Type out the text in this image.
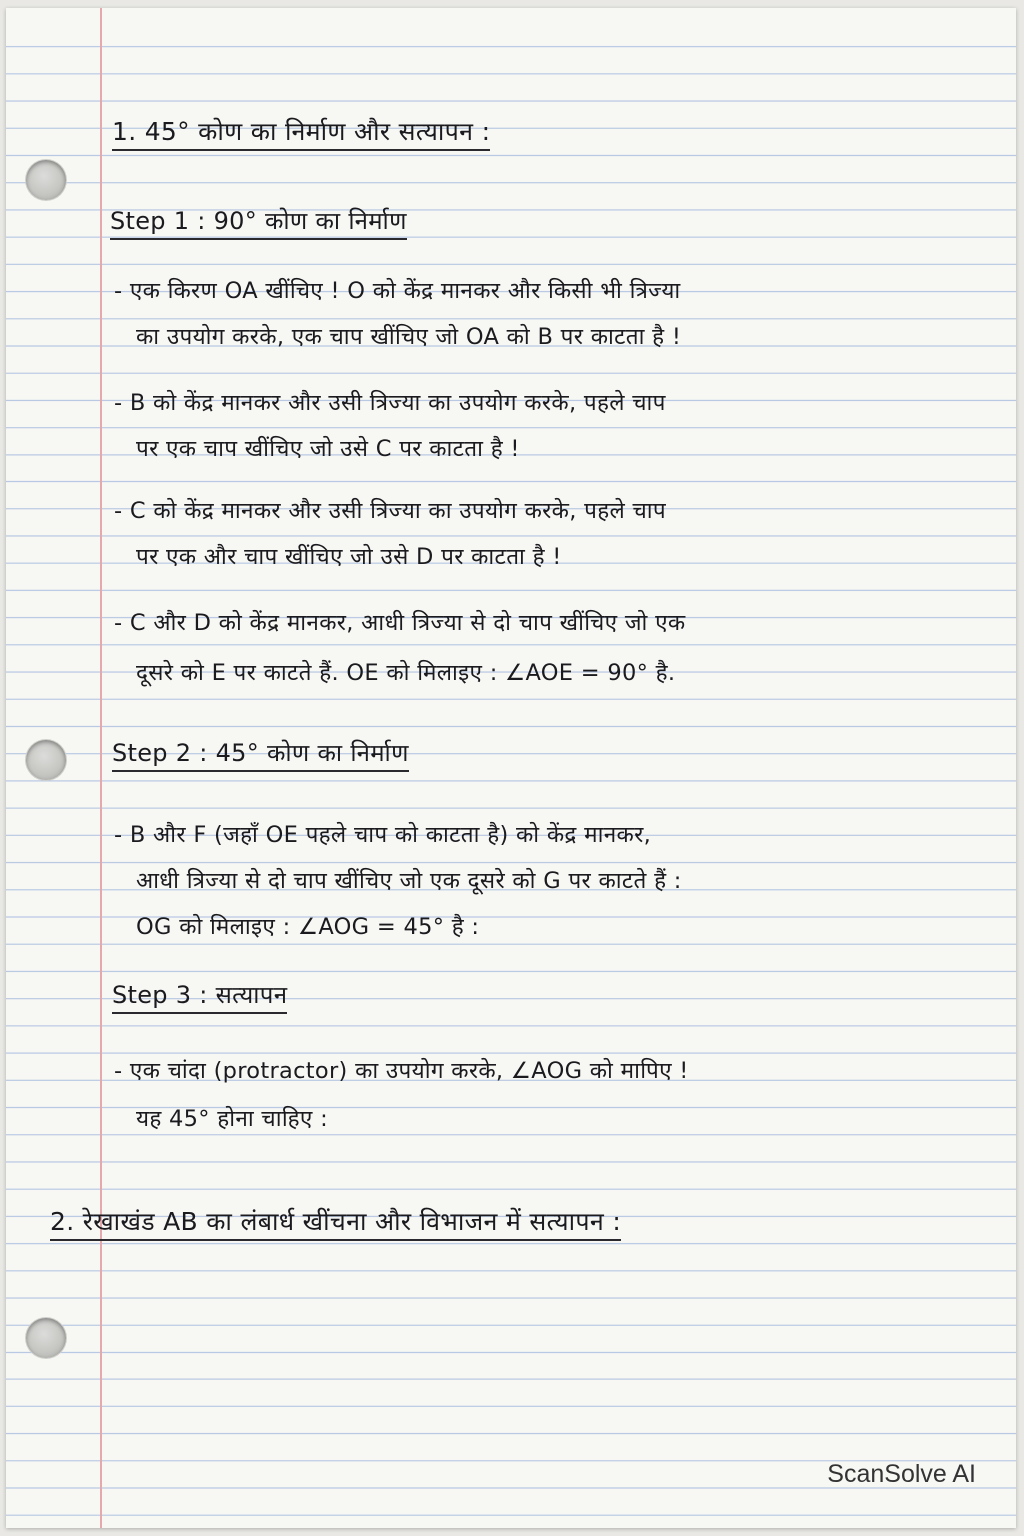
1. 45° कोण का निर्माण और सत्यापन :

Step 1 : 90° कोण का निर्माण

- एक किरण OA खींचिए ! O को केंद्र मानकर और किसी भी त्रिज्या

का उपयोग करके, एक चाप खींचिए जो OA को B पर काटता है !

- B को केंद्र मानकर और उसी त्रिज्या का उपयोग करके, पहले चाप

पर एक चाप खींचिए जो उसे C पर काटता है !

- C को केंद्र मानकर और उसी त्रिज्या का उपयोग करके, पहले चाप

पर एक और चाप खींचिए जो उसे D पर काटता है !

- C और D को केंद्र मानकर, आधी त्रिज्या से दो चाप खींचिए जो एक

दूसरे को E पर काटते हैं. OE को मिलाइए : ∠AOE = 90° है.

Step 2 : 45° कोण का निर्माण

- B और F (जहाँ OE पहले चाप को काटता है) को केंद्र मानकर,

आधी त्रिज्या से दो चाप खींचिए जो एक दूसरे को G पर काटते हैं :

OG को मिलाइए : ∠AOG = 45° है :

Step 3 : सत्यापन

- एक चांदा (protractor) का उपयोग करके, ∠AOG को मापिए !

यह 45° होना चाहिए :

2. रेखाखंड AB का लंबार्ध खींचना और विभाजन में सत्यापन :

ScanSolve AI
